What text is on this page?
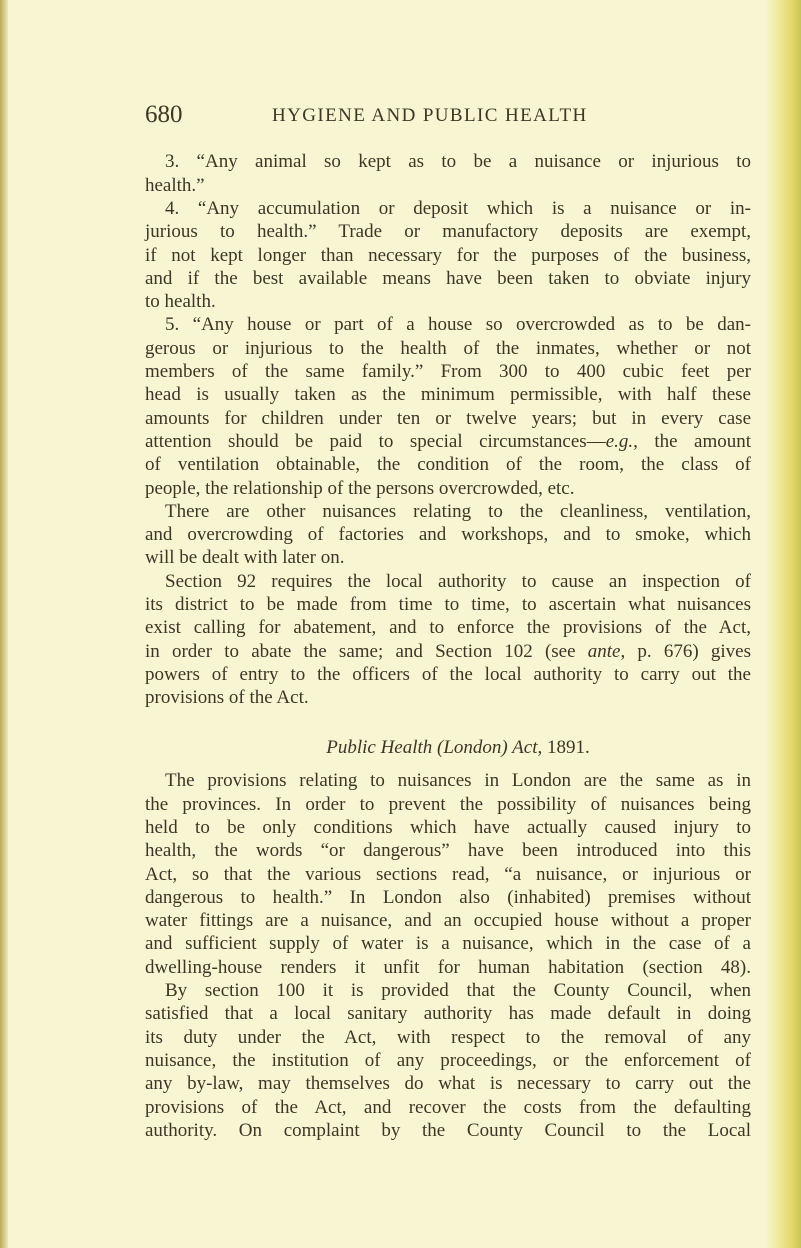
680	HYGIENE AND PUBLIC HEALTH
Public Health (London) Act, 1891.
3. “Any animal so kept as to be a nuisance or injurious to
health.”
4. “Any accumulation or deposit which is a nuisance or in-
jurious to health.” Trade or manufactory deposits are exempt,
if not kept longer than necessary for the purposes of the business,
and if the best available means have been taken to obviate injury
to health.
5. “Any house or part of a house so overcrowded as to be dan-
gerous or injurious to the health of the inmates, whether or not
members of the same family.” From 300 to 400 cubic feet per
head is usually taken as the minimum permissible, with half these
amounts for children under ten or twelve years; but in every case
attention should be paid to special circumstances—e.g., the amount
of ventilation obtainable, the condition of the room, the class of
people, the relationship of the persons overcrowded, etc.
There are other nuisances relating to the cleanliness, ventilation,
and overcrowding of factories and workshops, and to smoke, which
will be dealt with later on.
Section 92 requires the local authority to cause an inspection of
its district to be made from time to time, to ascertain what nuisances
exist calling for abatement, and to enforce the provisions of the Act,
in order to abate the same; and Section 102 (see ante, p. 676) gives
powers of entry to the officers of the local authority to carry out the
provisions of the Act.
The provisions relating to nuisances in London are the same as in
the provinces. In order to prevent the possibility of nuisances being
held to be only conditions which have actually caused injury to
health, the words “or dangerous” have been introduced into this
Act, so that the various sections read, “a nuisance, or injurious or
dangerous to health.” In London also (inhabited) premises without
water fittings are a nuisance, and an occupied house without a proper
and sufficient supply of water is a nuisance, which in the case of a
dwelling-house renders it unfit for human habitation (section 48).
By section 100 it is provided that the County Council, when
satisfied that a local sanitary authority has made default in doing
its duty under the Act, with respect to the removal of any
nuisance, the institution of any proceedings, or the enforcement of
any by-law, may themselves do what is necessary to carry out the
provisions of the Act, and recover the costs from the defaulting
authority. On complaint by the County Council to the Local
